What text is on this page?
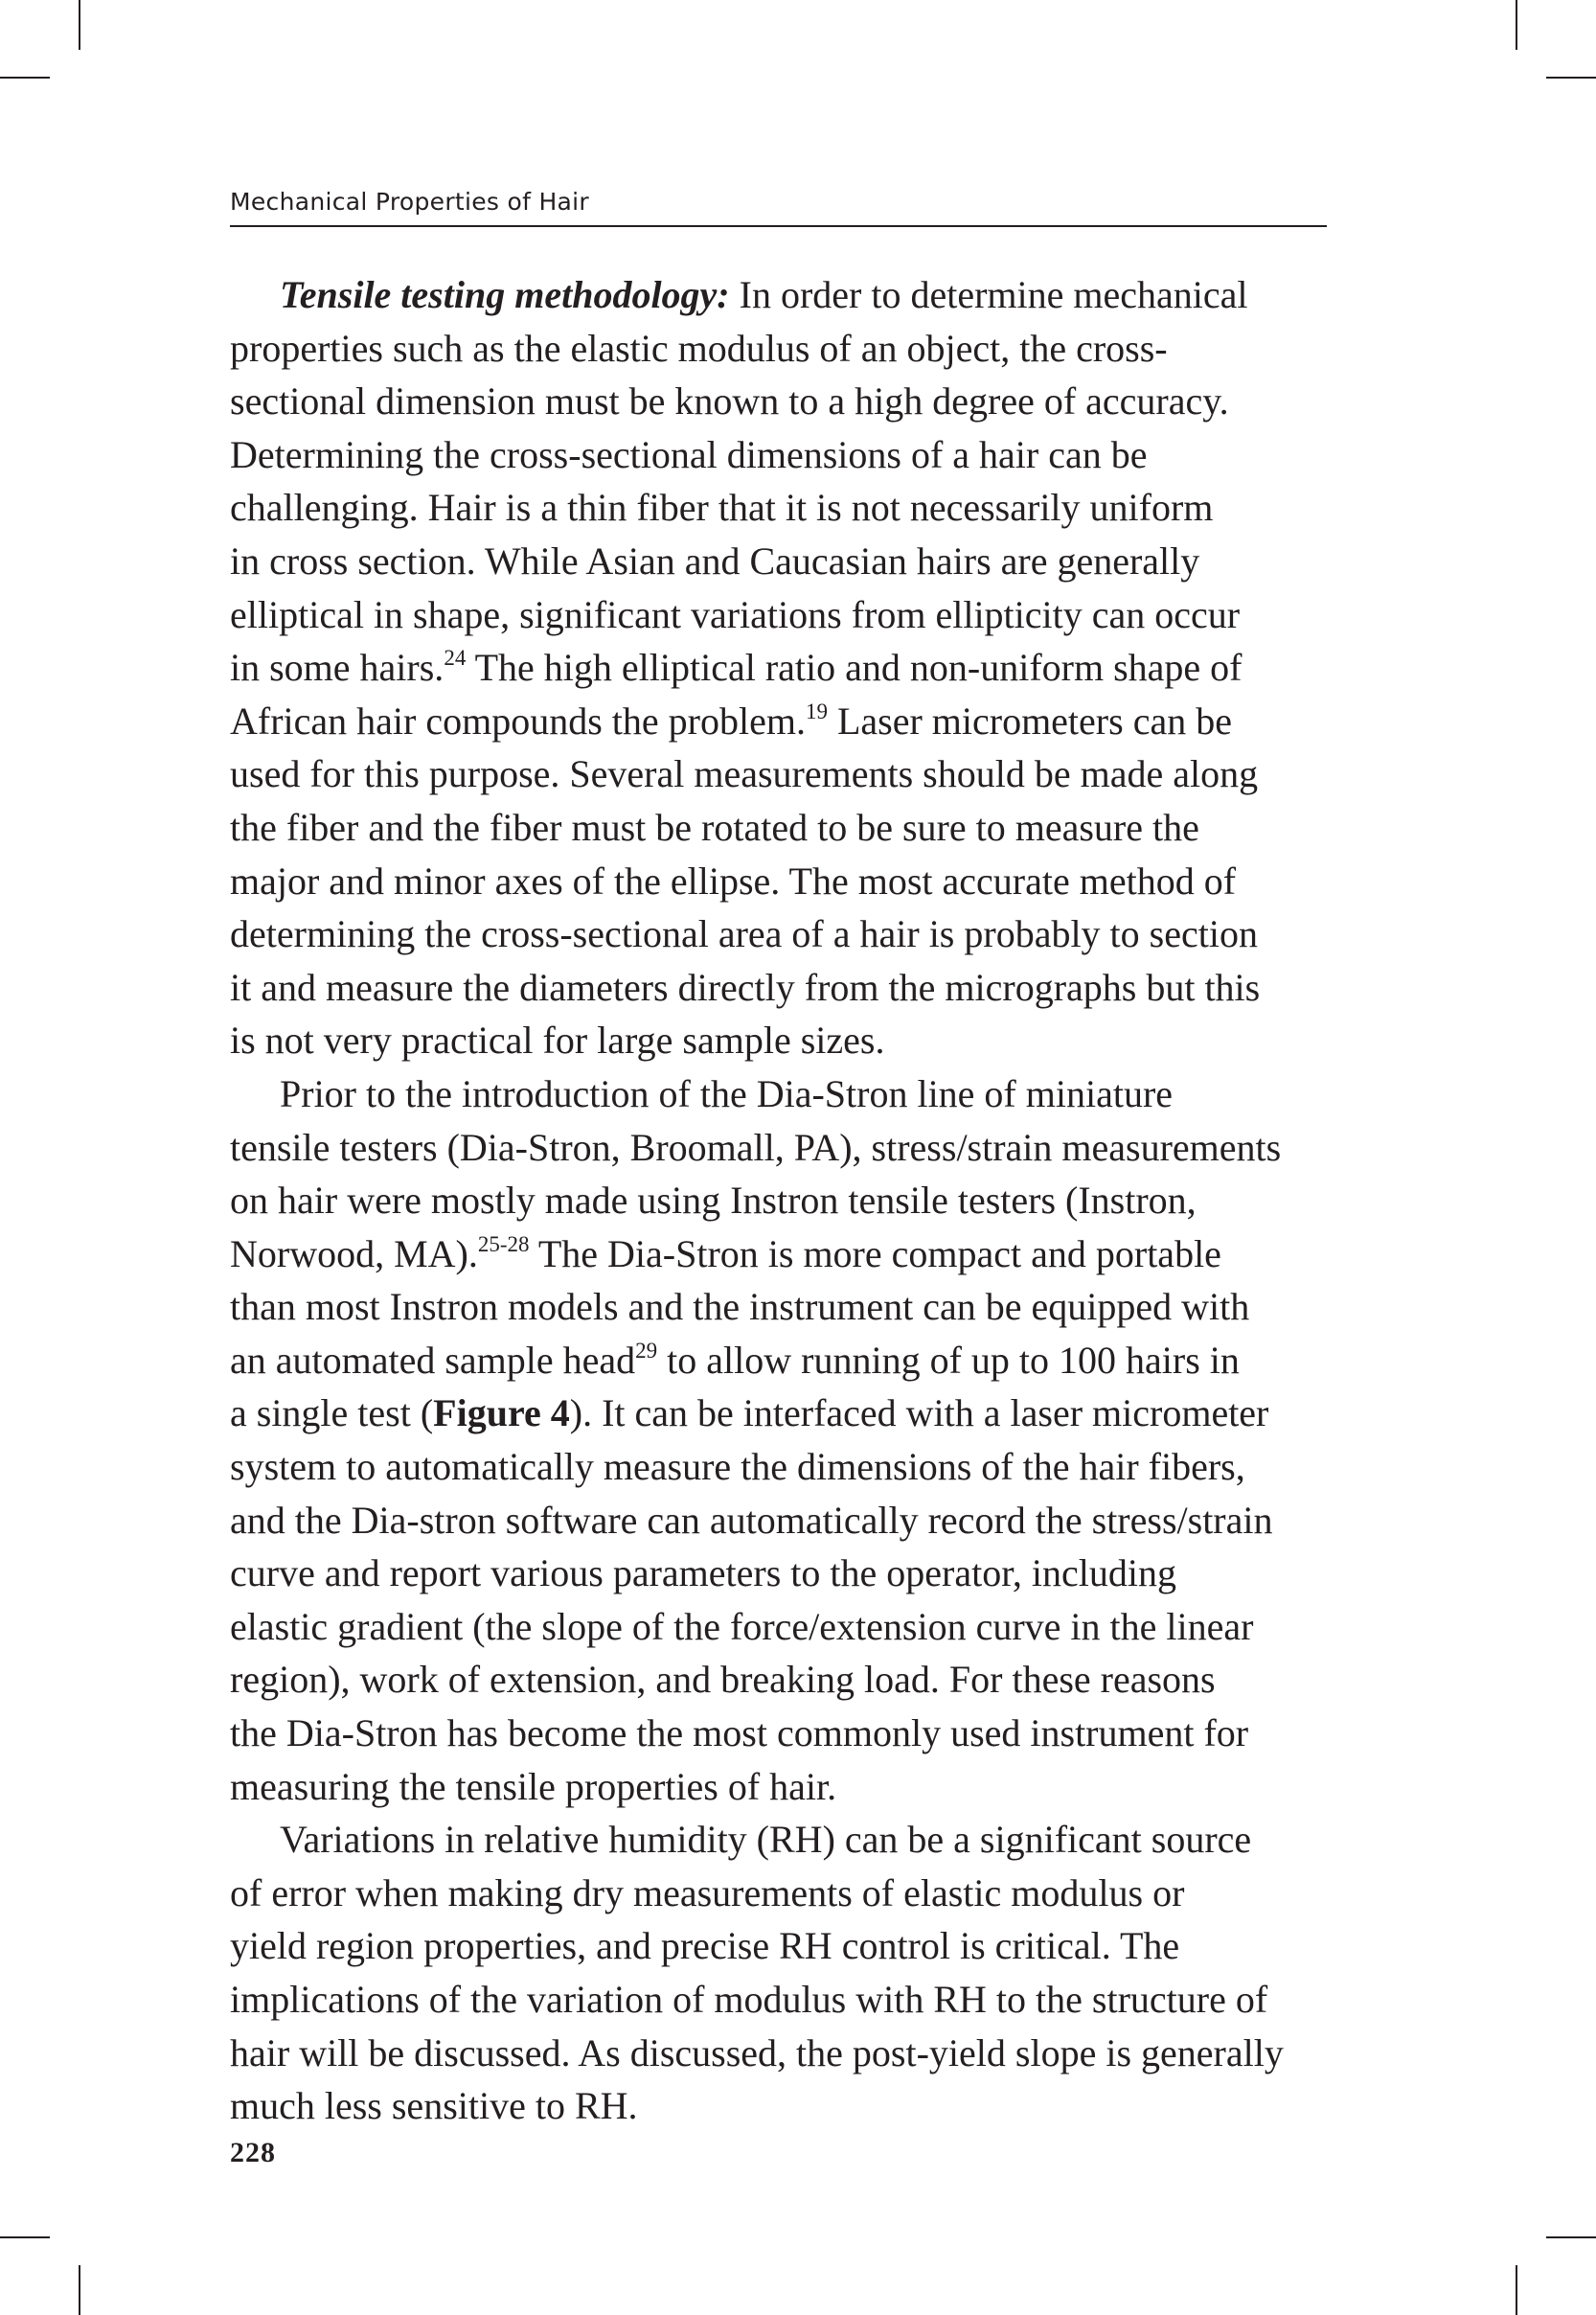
Mechanical Properties of Hair
Tensile testing methodology: In order to determine mechanical
properties such as the elastic modulus of an object, the cross-
sectional dimension must be known to a high degree of accuracy.
Determining the cross-sectional dimensions of a hair can be
challenging. Hair is a thin fiber that it is not necessarily uniform
in cross section. While Asian and Caucasian hairs are generally
elliptical in shape, significant variations from ellipticity can occur
in some hairs.$^{24}$ The high elliptical ratio and non-uniform shape of
African hair compounds the problem.$^{19}$ Laser micrometers can be
used for this purpose. Several measurements should be made along
the fiber and the fiber must be rotated to be sure to measure the
major and minor axes of the ellipse. The most accurate method of
determining the cross-sectional area of a hair is probably to section
it and measure the diameters directly from the micrographs but this
is not very practical for large sample sizes.
Prior to the introduction of the Dia-Stron line of miniature
tensile testers (Dia-Stron, Broomall, PA), stress/strain measurements
on hair were mostly made using Instron tensile testers (Instron,
Norwood, MA).$^{25-28}$ The Dia-Stron is more compact and portable
than most Instron models and the instrument can be equipped with
an automated sample head$^{29}$ to allow running of up to 100 hairs in
a single test (Figure 4). It can be interfaced with a laser micrometer
system to automatically measure the dimensions of the hair fibers,
and the Dia-stron software can automatically record the stress/strain
curve and report various parameters to the operator, including
elastic gradient (the slope of the force/extension curve in the linear
region), work of extension, and breaking load. For these reasons
the Dia-Stron has become the most commonly used instrument for
measuring the tensile properties of hair.
Variations in relative humidity (RH) can be a significant source
of error when making dry measurements of elastic modulus or
yield region properties, and precise RH control is critical. The
implications of the variation of modulus with RH to the structure of
hair will be discussed. As discussed, the post-yield slope is generally
much less sensitive to RH.
228
